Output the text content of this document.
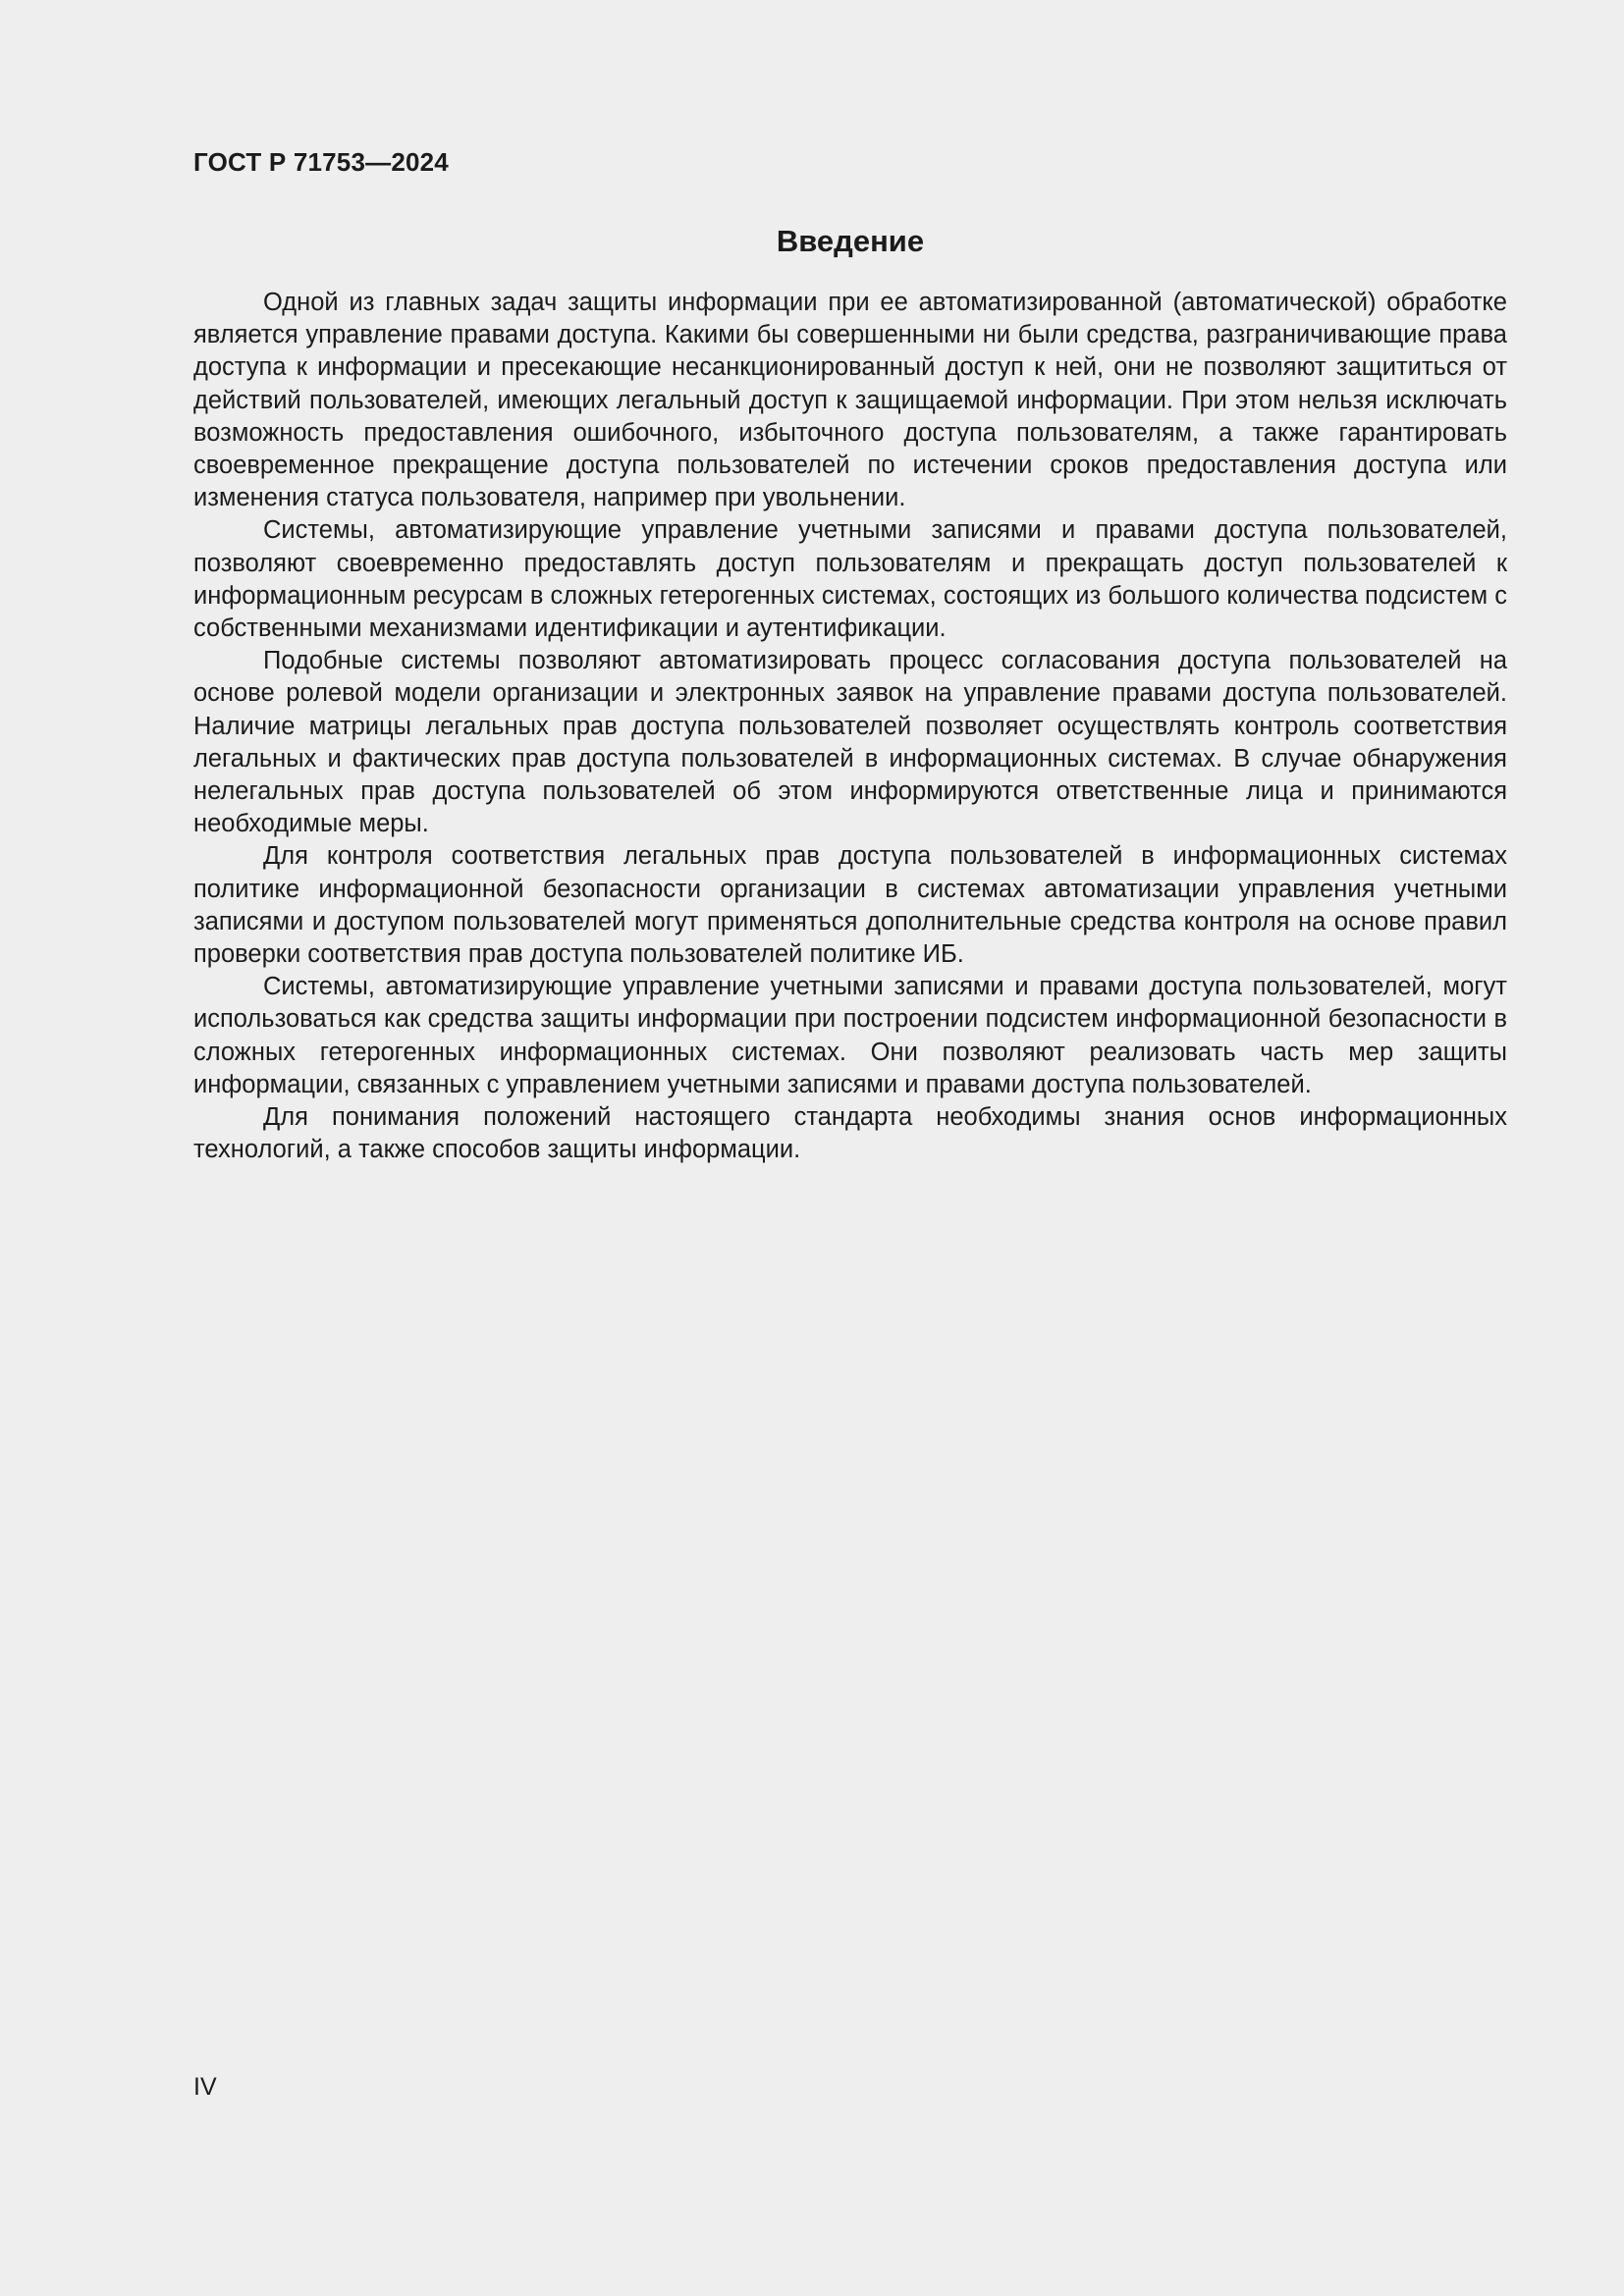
ГОСТ Р 71753—2024
Введение

Одной из главных задач защиты информации при ее автоматизированной (автоматической) обработке является управление правами доступа. Какими бы совершенными ни были средства, разграничивающие права доступа к информации и пресекающие несанкционированный доступ к ней, они не позволяют защититься от действий пользователей, имеющих легальный доступ к защищаемой информации. При этом нельзя исключать возможность предоставления ошибочного, избыточного доступа пользователям, а также гарантировать своевременное прекращение доступа пользователей по истечении сроков предоставления доступа или изменения статуса пользователя, например при увольнении.

Системы, автоматизирующие управление учетными записями и правами доступа пользователей, позволяют своевременно предоставлять доступ пользователям и прекращать доступ пользователей к информационным ресурсам в сложных гетерогенных системах, состоящих из большого количества подсистем с собственными механизмами идентификации и аутентификации.

Подобные системы позволяют автоматизировать процесс согласования доступа пользователей на основе ролевой модели организации и электронных заявок на управление правами доступа пользователей. Наличие матрицы легальных прав доступа пользователей позволяет осуществлять контроль соответствия легальных и фактических прав доступа пользователей в информационных системах. В случае обнаружения нелегальных прав доступа пользователей об этом информируются ответственные лица и принимаются необходимые меры.

Для контроля соответствия легальных прав доступа пользователей в информационных системах политике информационной безопасности организации в системах автоматизации управления учетными записями и доступом пользователей могут применяться дополнительные средства контроля на основе правил проверки соответствия прав доступа пользователей политике ИБ.

Системы, автоматизирующие управление учетными записями и правами доступа пользователей, могут использоваться как средства защиты информации при построении подсистем информационной безопасности в сложных гетерогенных информационных системах. Они позволяют реализовать часть мер защиты информации, связанных с управлением учетными записями и правами доступа пользователей.

Для понимания положений настоящего стандарта необходимы знания основ информационных технологий, а также способов защиты информации.

IV
